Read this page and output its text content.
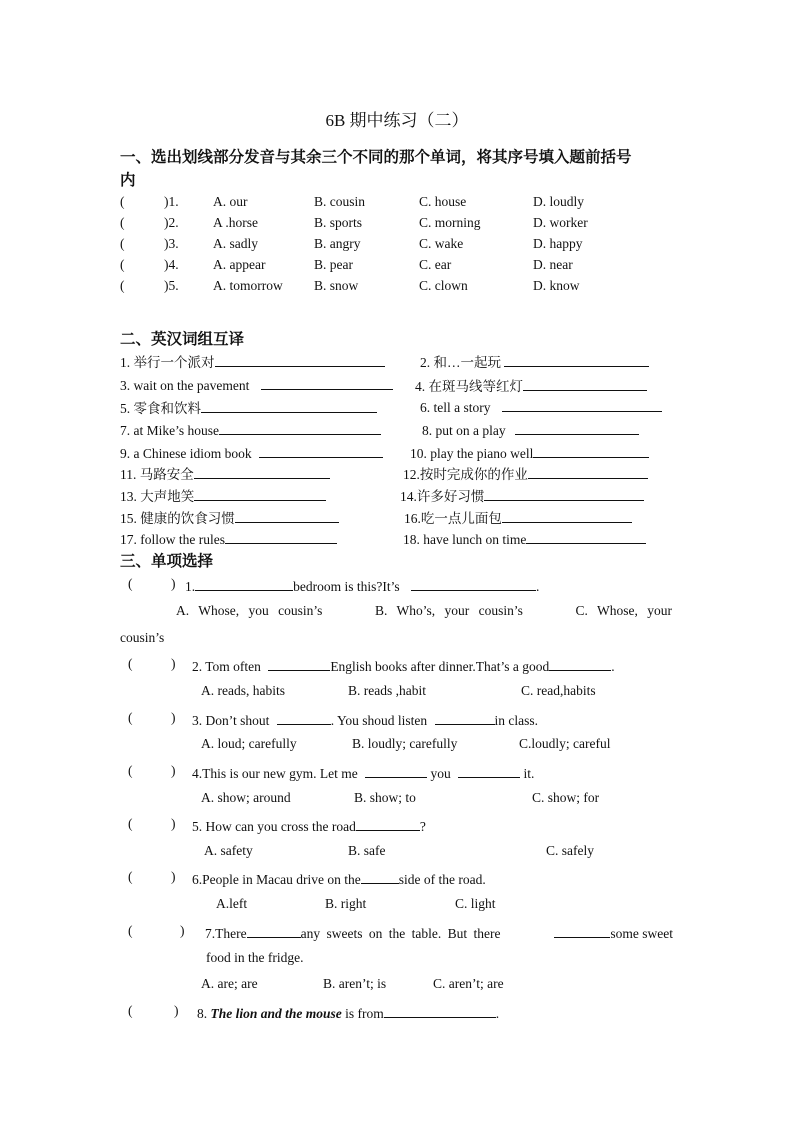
6B 期中练习（二）
一、选出划线部分发音与其余三个不同的那个单词，将其序号填入题前括号
内
(	)1.	A. our	B. cousin	C. house	D. loudly
(	)2.	A .horse	B. sports	C. morning	D. worker
(	)3.	A. sadly	B. angry	C. wake	D. happy
(	)4.	A. appear	B. pear	C. ear	D. near
(	)5.	A. tomorrow B. snow	C. clown	D. know
二、英汉词组互译
1. 举行一个派对	2. 和…一起玩
3. wait on the pavement	4. 在斑马线等红灯
5. 零食和饮料	6. tell a story
7. at Mike’s house	8. put on a play
9. a Chinese idiom book	10. play the piano well
11. 马路安全	12.按时完成你的作业
13. 大声地笑	14.许多好习惯
15. 健康的饮食习惯	16.吃一点儿面包
17. follow the rules	18. have lunch on time
三、单项选择
(	) 1.	bedroom is this?It’s	.
A. Whose, you cousin’s	B. Who’s, your cousin’s	C. Whose, your
cousin’s
(	) 2. Tom often	English books after dinner.That’s a good	.
A. reads, habits	B. reads ,habit	C. read,habits
(	) 3. Don’t shout	. You shoud listen	in class.
A. loud; carefully	B. loudly; carefully	C.loudly; careful
(	) 4.This is our new gym. Let me	you	it.
A. show; around	B. show; to	C. show; for
(	) 5. How can you cross the road	?
A. safety	B. safe	C. safely
(	) 6.People in Macau drive on the	side of the road.
A.left	B. right	C. light
(	) 7.There	any sweets on the table. But there	some sweet
food in the fridge.
A. are; are	B. aren’t; is	C. aren’t; are
(	) 8. The lion and the mouse is from	.
